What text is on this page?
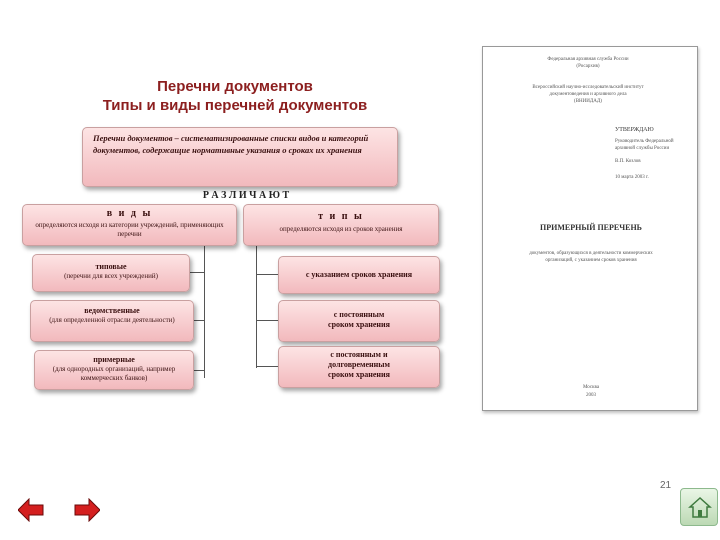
Перечни документов
Типы и виды перечней документов
Перечни документов – систематизированные списки видов и категорий документов, содержащие нормативные указания о сроках их хранения
Р А З Л И Ч А Ю Т
в и д ы
определяются исходя из категории учреждений, применяющих перечни
т и п ы
определяются исходя из сроков хранения
типовые
(перечни для всех учреждений)
ведомственные
(для определенной отрасли деятельности)
примерные
(для однородных организаций, например коммерческих банков)
с указанием сроков хранения
с постоянным
сроком хранения
с постоянным и
долговременным
сроком хранения
Федеральная архивная служба России
(Росархив)
Всероссийский научно-исследовательский институт
документоведения и архивного дела
(ВНИИДАД)
УТВЕРЖДАЮ
Руководитель Федеральной
архивной службы России
В.П. Козлов
10 марта 2003 г.
ПРИМЕРНЫЙ ПЕРЕЧЕНЬ
документов, образующихся в деятельности коммерческих
организаций, с указанием сроков хранения
Москва
2003
21
